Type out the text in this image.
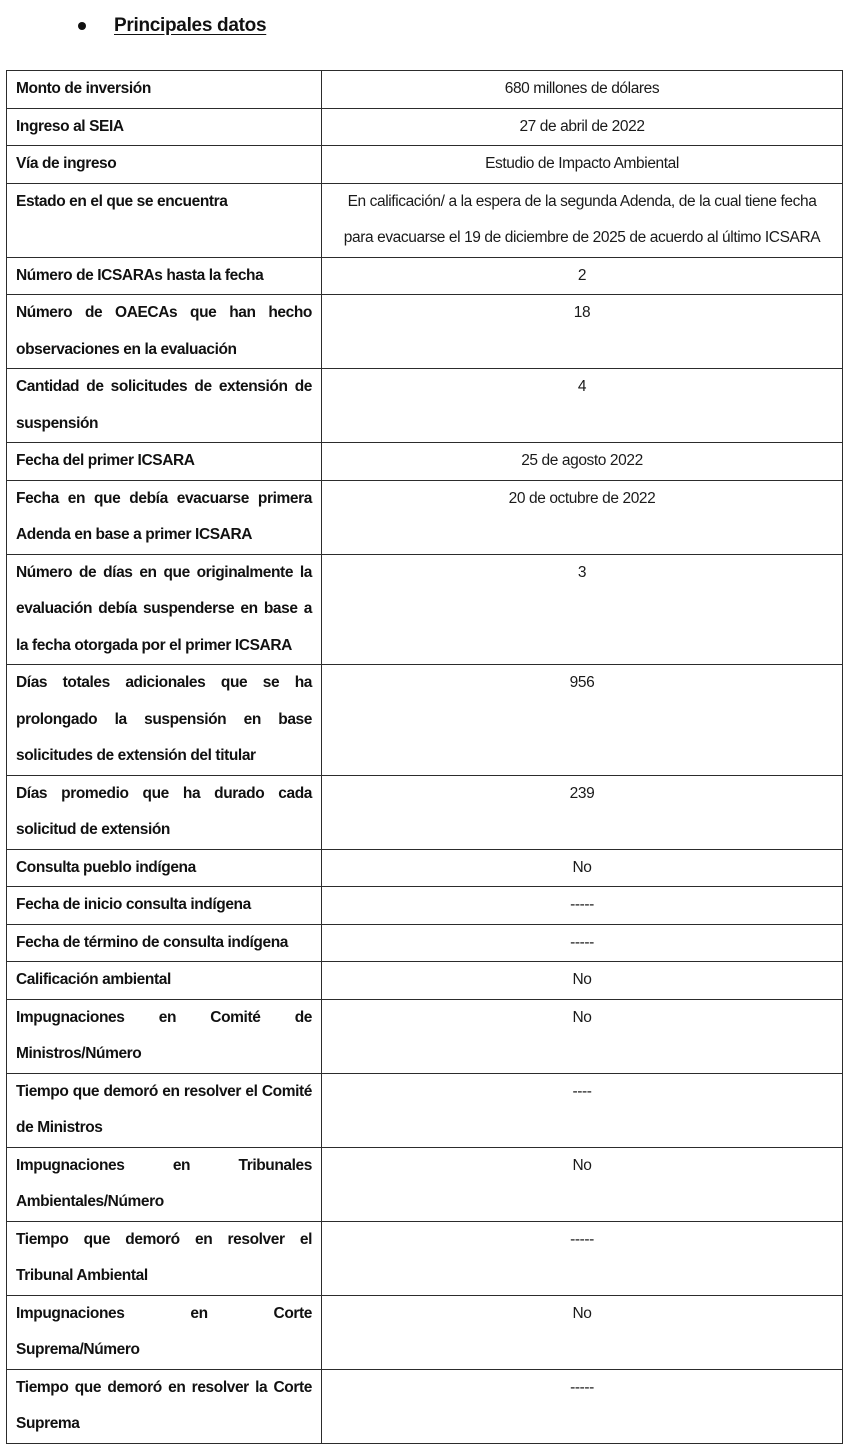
Principales datos
Monto de inversión	680 millones de dólares
Ingreso al SEIA	27 de abril de 2022
Vía de ingreso	Estudio de Impacto Ambiental
Estado en el que se encuentra	En calificación/ a la espera de la segunda Adenda, de la cual tiene fecha para evacuarse el 19 de diciembre de 2025 de acuerdo al último ICSARA
Número de ICSARAs hasta la fecha	2
Número de OAECAs que han hecho observaciones en la evaluación	18
Cantidad de solicitudes de extensión de suspensión	4
Fecha del primer ICSARA	25 de agosto 2022
Fecha en que debía evacuarse primera Adenda en base a primer ICSARA	20 de octubre de 2022
Número de días en que originalmente la evaluación debía suspenderse en base a la fecha otorgada por el primer ICSARA	3
Días totales adicionales que se ha prolongado la suspensión en base solicitudes de extensión del titular	956
Días promedio que ha durado cada solicitud de extensión	239
Consulta pueblo indígena	No
Fecha de inicio consulta indígena	-----
Fecha de término de consulta indígena	-----
Calificación ambiental	No
Impugnaciones en Comité de Ministros/Número	No
Tiempo que demoró en resolver el Comité de Ministros	----
Impugnaciones en Tribunales Ambientales/Número	No
Tiempo que demoró en resolver el Tribunal Ambiental	-----
Impugnaciones en Corte Suprema/Número	No
Tiempo que demoró en resolver la Corte Suprema	-----
